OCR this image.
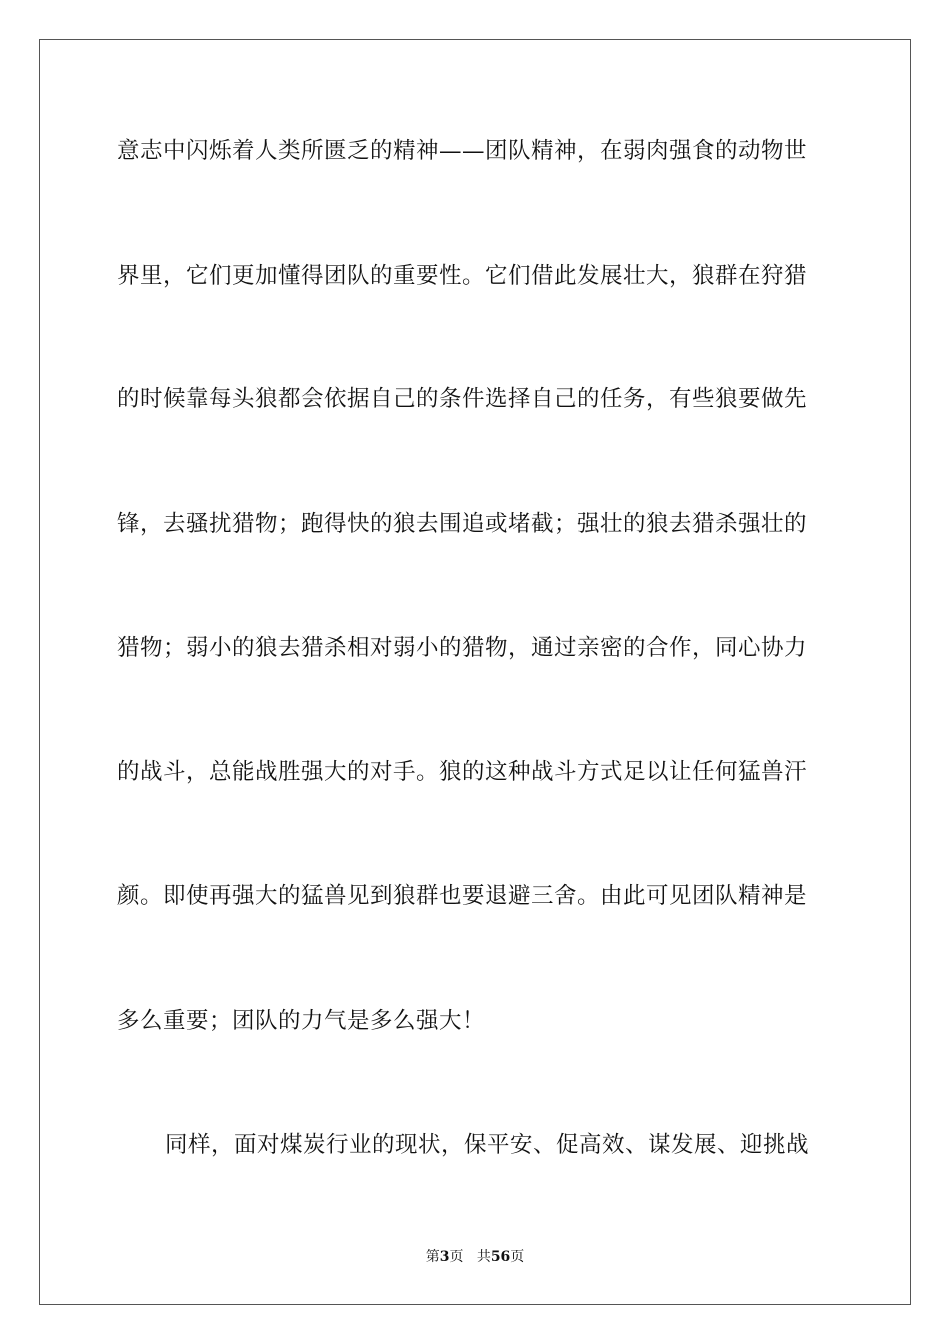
意志中闪烁着人类所匮乏的精神——团队精神，在弱肉强食的动物世
界里，它们更加懂得团队的重要性。它们借此发展壮大，狼群在狩猎
的时候靠每头狼都会依据自己的条件选择自己的任务，有些狼要做先
锋，去骚扰猎物；跑得快的狼去围追或堵截；强壮的狼去猎杀强壮的
猎物；弱小的狼去猎杀相对弱小的猎物，通过亲密的合作，同心协力
的战斗，总能战胜强大的对手。狼的这种战斗方式足以让任何猛兽汗
颜。即使再强大的猛兽见到狼群也要退避三舍。由此可见团队精神是
多么重要；团队的力气是多么强大！
同样，面对煤炭行业的现状，保平安、促高效、谋发展、迎挑战
第3页 共56页
